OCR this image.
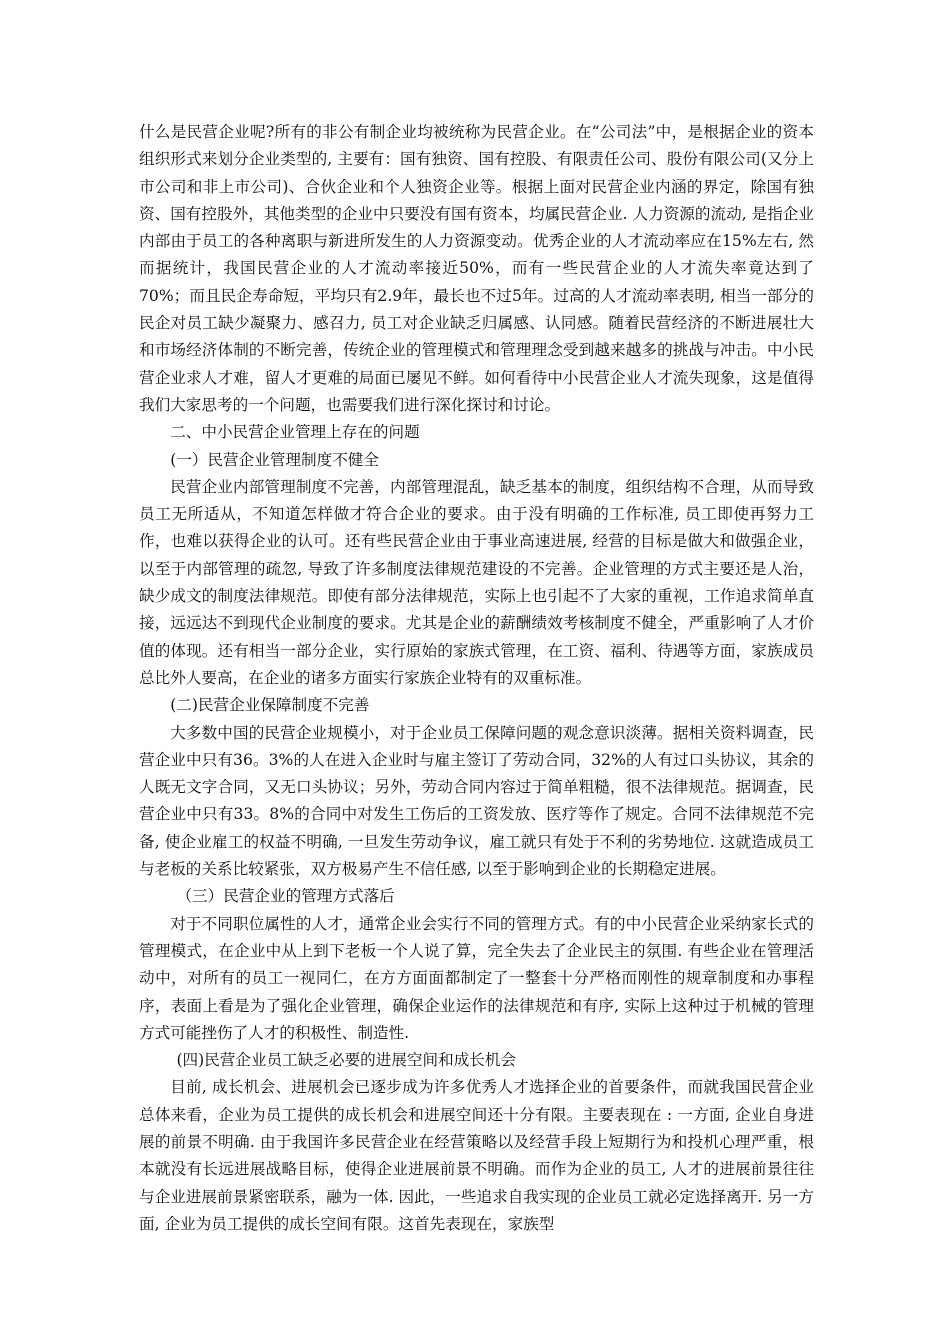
什么是民营企业呢?所有的非公有制企业均被统称为民营企业。在“公司法”中，是根据企业的资本组织形式来划分企业类型的, 主要有：国有独资、国有控股、有限责任公司、股份有限公司(又分上市公司和非上市公司)、合伙企业和个人独资企业等。根据上面对民营企业内涵的界定，除国有独资、国有控股外，其他类型的企业中只要没有国有资本，均属民营企业. 人力资源的流动, 是指企业内部由于员工的各种离职与新进所发生的人力资源变动。优秀企业的人才流动率应在15%左右, 然而据统计，我国民营企业的人才流动率接近50%，而有一些民营企业的人才流失率竟达到了70%；而且民企寿命短，平均只有2.9年，最长也不过5年。过高的人才流动率表明, 相当一部分的民企对员工缺少凝聚力、感召力, 员工对企业缺乏归属感、认同感。随着民营经济的不断进展壮大和市场经济体制的不断完善，传统企业的管理模式和管理理念受到越来越多的挑战与冲击。中小民营企业求人才难，留人才更难的局面已屡见不鲜。如何看待中小民营企业人才流失现象，这是值得我们大家思考的一个问题，也需要我们进行深化探讨和讨论。

二、中小民营企业管理上存在的问题

(一）民营企业管理制度不健全

民营企业内部管理制度不完善，内部管理混乱，缺乏基本的制度，组织结构不合理，从而导致员工无所适从，不知道怎样做才符合企业的要求。由于没有明确的工作标准, 员工即使再努力工作，也难以获得企业的认可。还有些民营企业由于事业高速进展, 经营的目标是做大和做强企业，以至于内部管理的疏忽, 导致了许多制度法律规范建设的不完善。企业管理的方式主要还是人治，缺少成文的制度法律规范。即使有部分法律规范，实际上也引起不了大家的重视，工作追求简单直接，远远达不到现代企业制度的要求。尤其是企业的薪酬绩效考核制度不健全，严重影响了人才价值的体现。还有相当一部分企业，实行原始的家族式管理，在工资、福利、待遇等方面，家族成员总比外人要高，在企业的诸多方面实行家族企业特有的双重标准。

(二)民营企业保障制度不完善

大多数中国的民营企业规模小，对于企业员工保障问题的观念意识淡薄。据相关资料调查，民营企业中只有36。3%的人在进入企业时与雇主签订了劳动合同，32%的人有过口头协议，其余的人既无文字合同，又无口头协议；另外，劳动合同内容过于简单粗糙，很不法律规范。据调查，民营企业中只有33。8%的合同中对发生工伤后的工资发放、医疗等作了规定。合同不法律规范不完备, 使企业雇工的权益不明确, 一旦发生劳动争议，雇工就只有处于不利的劣势地位. 这就造成员工与老板的关系比较紧张，双方极易产生不信任感, 以至于影响到企业的长期稳定进展。

（三）民营企业的管理方式落后

对于不同职位属性的人才，通常企业会实行不同的管理方式。有的中小民营企业采纳家长式的管理模式，在企业中从上到下老板一个人说了算，完全失去了企业民主的氛围. 有些企业在管理活动中，对所有的员工一视同仁，在方方面面都制定了一整套十分严格而刚性的规章制度和办事程序，表面上看是为了强化企业管理，确保企业运作的法律规范和有序, 实际上这种过于机械的管理方式可能挫伤了人才的积极性、制造性.

(四)民营企业员工缺乏必要的进展空间和成长机会

目前, 成长机会、进展机会已逐步成为许多优秀人才选择企业的首要条件，而就我国民营企业总体来看，企业为员工提供的成长机会和进展空间还十分有限。主要表现在 : 一方面, 企业自身进展的前景不明确. 由于我国许多民营企业在经营策略以及经营手段上短期行为和投机心理严重，根本就没有长远进展战略目标，使得企业进展前景不明确。而作为企业的员工, 人才的进展前景往往与企业进展前景紧密联系，融为一体. 因此，一些追求自我实现的企业员工就必定选择离开. 另一方面, 企业为员工提供的成长空间有限。这首先表现在，家族型
